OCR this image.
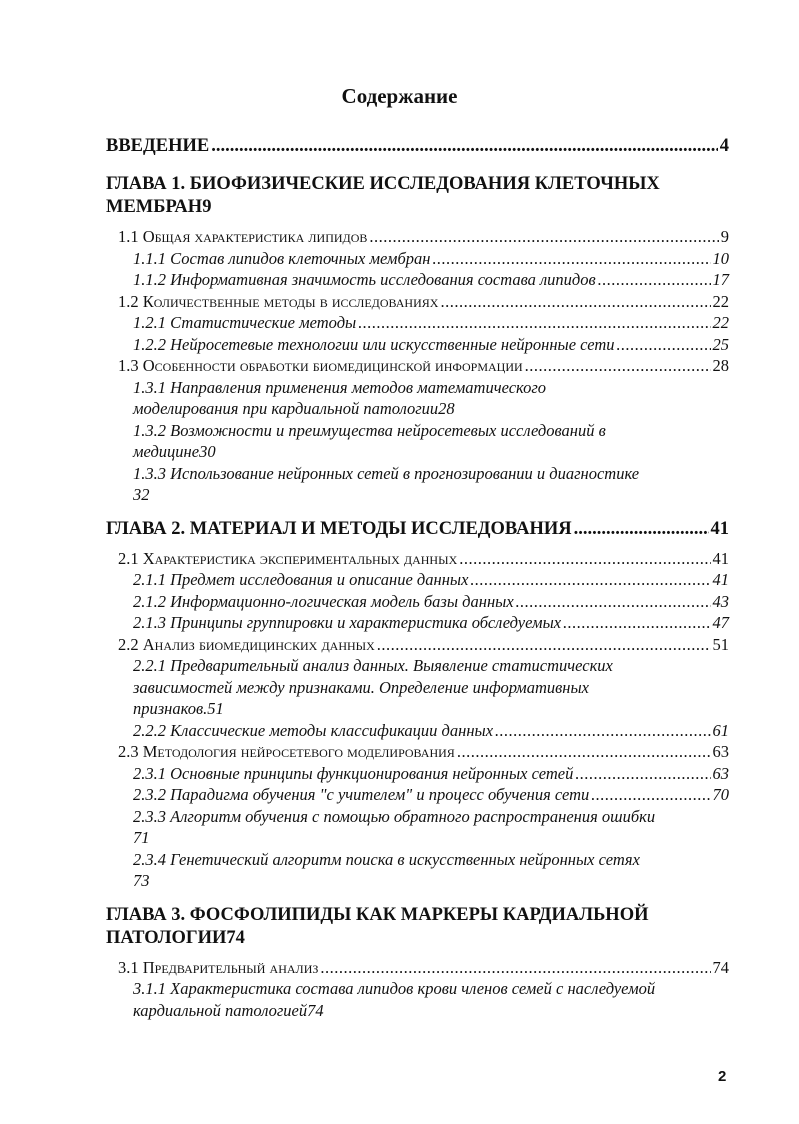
Содержание
ВВЕДЕНИЕ .....	4
ГЛАВА 1. БИОФИЗИЧЕСКИЕ ИССЛЕДОВАНИЯ КЛЕТОЧНЫХ
МЕМБРАН 9
1.1 Общая характеристика липидов .....	9
1.1.1 Состав липидов клеточных мембран .....	10
1.1.2 Информативная значимость исследования состава липидов .....	17
1.2 Количественные методы в исследованиях .....	22
1.2.1 Статистические методы .....	22
1.2.2 Нейросетевые технологии или искусственные нейронные сети .....	25
1.3 Особенности обработки биомедицинской информации .....	28
1.3.1 Направления применения методов математического
моделирования при кардиальной патологии 28
1.3.2 Возможности и преимущества нейросетевых исследований в
медицине 30
1.3.3 Использование нейронных сетей в прогнозировании и диагностике
32
ГЛАВА 2. МАТЕРИАЛ И МЕТОДЫ ИССЛЕДОВАНИЯ .....	41
2.1 Характеристика экспериментальных данных .....	41
2.1.1 Предмет исследования и описание данных .....	41
2.1.2 Информационно-логическая модель базы данных .....	43
2.1.3 Принципы группировки и характеристика обследуемых .....	47
2.2 Анализ биомедицинских данных .....	51
2.2.1 Предварительный анализ данных. Выявление статистических
зависимостей между признаками. Определение информативных
признаков. 51
2.2.2 Классические методы классификации данных .....	61
2.3 Методология нейросетевого моделирования .....	63
2.3.1 Основные принципы функционирования нейронных сетей .....	63
2.3.2 Парадигма обучения "с учителем" и процесс обучения сети .....	70
2.3.3 Алгоритм обучения с помощью обратного распространения ошибки
71
2.3.4 Генетический алгоритм поиска в искусственных нейронных сетях
73
ГЛАВА 3. ФОСФОЛИПИДЫ КАК МАРКЕРЫ КАРДИАЛЬНОЙ
ПАТОЛОГИИ 74
3.1 Предварительный анализ .....	74
3.1.1 Характеристика состава липидов крови членов семей с наследуемой
кардиальной патологией 74
2
